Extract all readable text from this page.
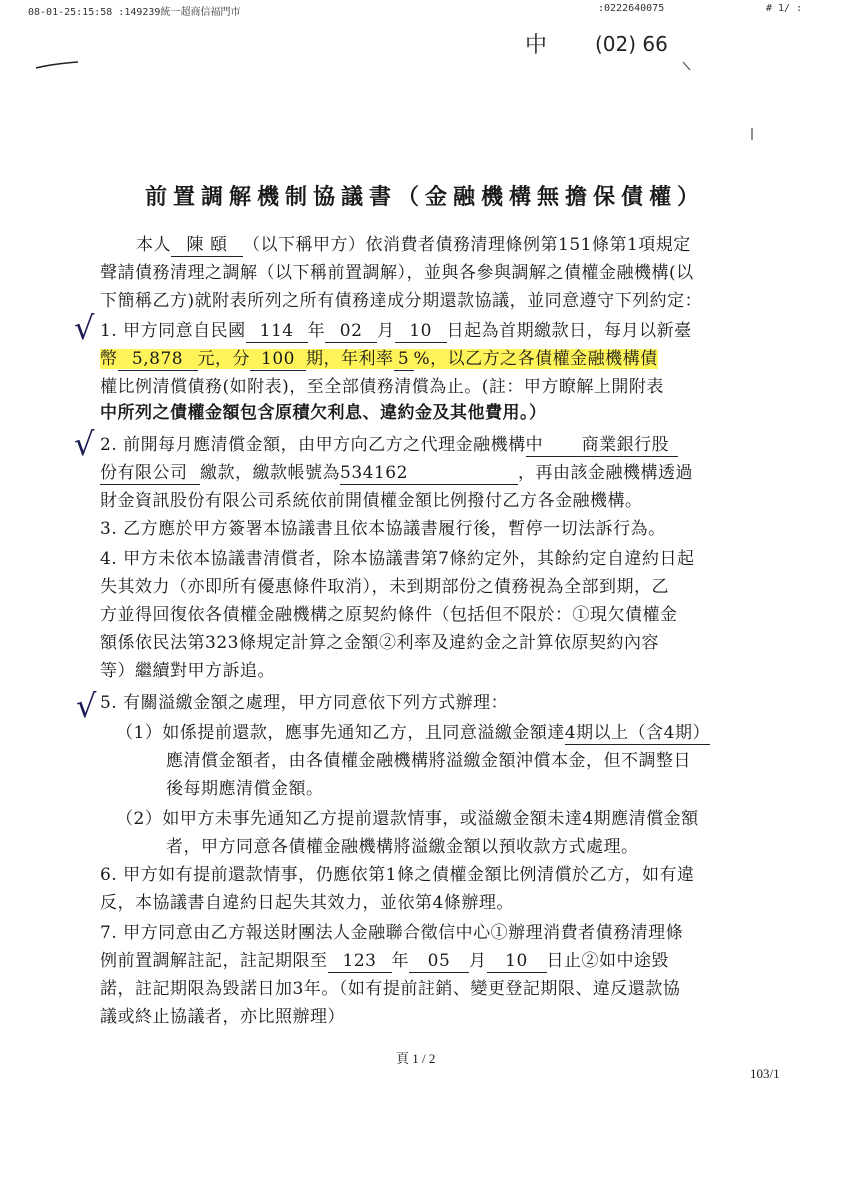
08-01-25:15:58 :149239統一超商信福門市	:0222640075	# 1/ :
中 (02) 66
前置調解機制協議書（金融機構無擔保債權）
本人 陳 頤 （以下稱甲方）依消費者債務清理條例第151條第1項規定
聲請債務清理之調解（以下稱前置調解），並與各參與調解之債權金融機構(以
下簡稱乙方)就附表所列之所有債務達成分期還款協議，並同意遵守下列約定：
1. 甲方同意自民國 114 年 02 月 10 日起為首期繳款日，每月以新臺
幣 5,878 元，分 100 期，年利率 5 %，以乙方之各債權金融機構債
權比例清償債務(如附表)，至全部債務清償為止。(註：甲方瞭解上開附表
中所列之債權金額包含原積欠利息、違約金及其他費用。）
2. 前開每月應清償金額，由甲方向乙方之代理金融機構中 商業銀行股
份有限公司 繳款，繳款帳號為534162	，再由該金融機構透過
財金資訊股份有限公司系統依前開債權金額比例撥付乙方各金融機構。
3. 乙方應於甲方簽署本協議書且依本協議書履行後，暫停一切法訴行為。
4. 甲方未依本協議書清償者，除本協議書第7條約定外，其餘約定自違約日起
失其效力（亦即所有優惠條件取消），未到期部份之債務視為全部到期，乙
方並得回復依各債權金融機構之原契約條件（包括但不限於：①現欠債權金
額係依民法第323條規定計算之金額②利率及違約金之計算依原契約內容
等）繼續對甲方訴追。
5. 有關溢繳金額之處理，甲方同意依下列方式辦理：
（1）如係提前還款，應事先通知乙方，且同意溢繳金額達4期以上（含4期）
應清償金額者，由各債權金融機構將溢繳金額沖償本金，但不調整日
後每期應清償金額。
（2）如甲方未事先通知乙方提前還款情事，或溢繳金額未達4期應清償金額
者，甲方同意各債權金融機構將溢繳金額以預收款方式處理。
6. 甲方如有提前還款情事，仍應依第1條之債權金額比例清償於乙方，如有違
反，本協議書自違約日起失其效力，並依第4條辦理。
7. 甲方同意由乙方報送財團法人金融聯合徵信中心①辦理消費者債務清理條
例前置調解註記，註記期限至 123 年 05 月 10 日止②如中途毀
諾，註記期限為毀諾日加3年。（如有提前註銷、變更登記期限、違反還款協
議或終止協議者，亦比照辦理）
√
√
√
頁 1 / 2
103/1
